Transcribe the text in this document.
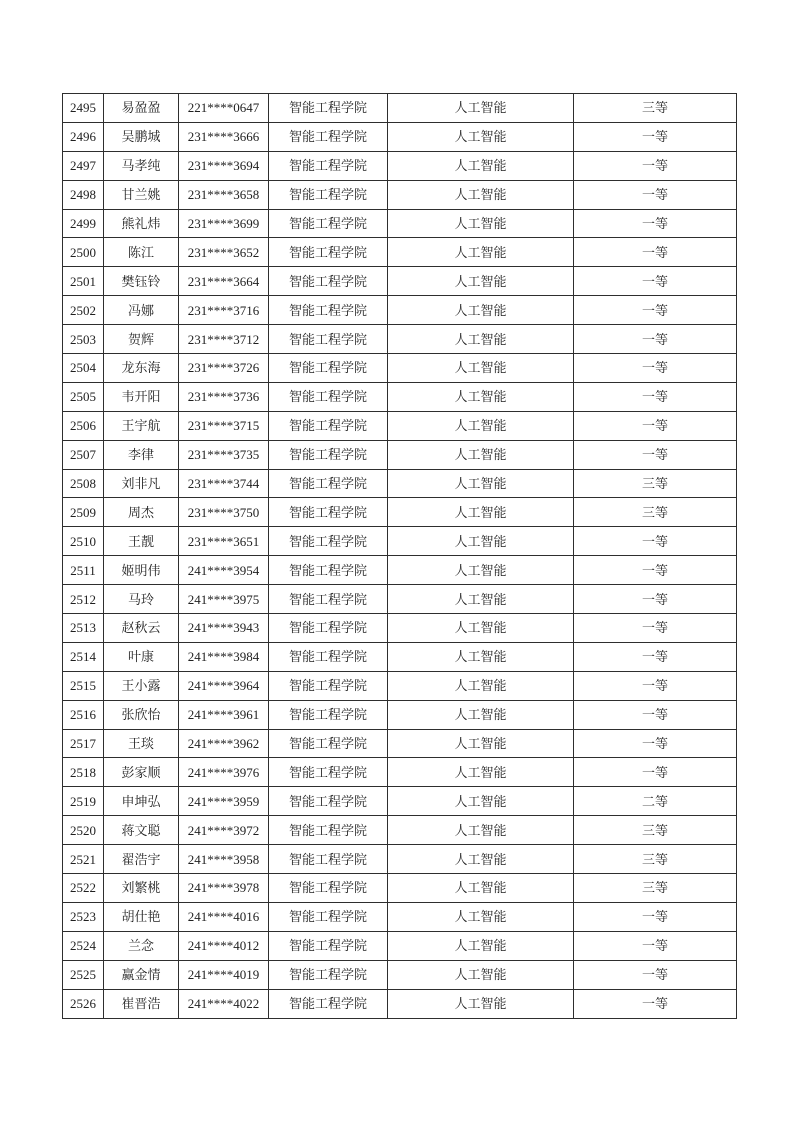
2495	易盈盈	221****0647	智能工程学院	人工智能	三等
2496	吴鹏城	231****3666	智能工程学院	人工智能	一等
2497	马孝纯	231****3694	智能工程学院	人工智能	一等
2498	甘兰姚	231****3658	智能工程学院	人工智能	一等
2499	熊礼炜	231****3699	智能工程学院	人工智能	一等
2500	陈江	231****3652	智能工程学院	人工智能	一等
2501	樊钰铃	231****3664	智能工程学院	人工智能	一等
2502	冯娜	231****3716	智能工程学院	人工智能	一等
2503	贺辉	231****3712	智能工程学院	人工智能	一等
2504	龙东海	231****3726	智能工程学院	人工智能	一等
2505	韦开阳	231****3736	智能工程学院	人工智能	一等
2506	王宇航	231****3715	智能工程学院	人工智能	一等
2507	李律	231****3735	智能工程学院	人工智能	一等
2508	刘非凡	231****3744	智能工程学院	人工智能	三等
2509	周杰	231****3750	智能工程学院	人工智能	三等
2510	王靓	231****3651	智能工程学院	人工智能	一等
2511	姬明伟	241****3954	智能工程学院	人工智能	一等
2512	马玲	241****3975	智能工程学院	人工智能	一等
2513	赵秋云	241****3943	智能工程学院	人工智能	一等
2514	叶康	241****3984	智能工程学院	人工智能	一等
2515	王小露	241****3964	智能工程学院	人工智能	一等
2516	张欣怡	241****3961	智能工程学院	人工智能	一等
2517	王琰	241****3962	智能工程学院	人工智能	一等
2518	彭家顺	241****3976	智能工程学院	人工智能	一等
2519	申坤弘	241****3959	智能工程学院	人工智能	二等
2520	蒋文聪	241****3972	智能工程学院	人工智能	三等
2521	翟浩宇	241****3958	智能工程学院	人工智能	三等
2522	刘繁桃	241****3978	智能工程学院	人工智能	三等
2523	胡仕艳	241****4016	智能工程学院	人工智能	一等
2524	兰念	241****4012	智能工程学院	人工智能	一等
2525	赢金情	241****4019	智能工程学院	人工智能	一等
2526	崔晋浩	241****4022	智能工程学院	人工智能	一等
